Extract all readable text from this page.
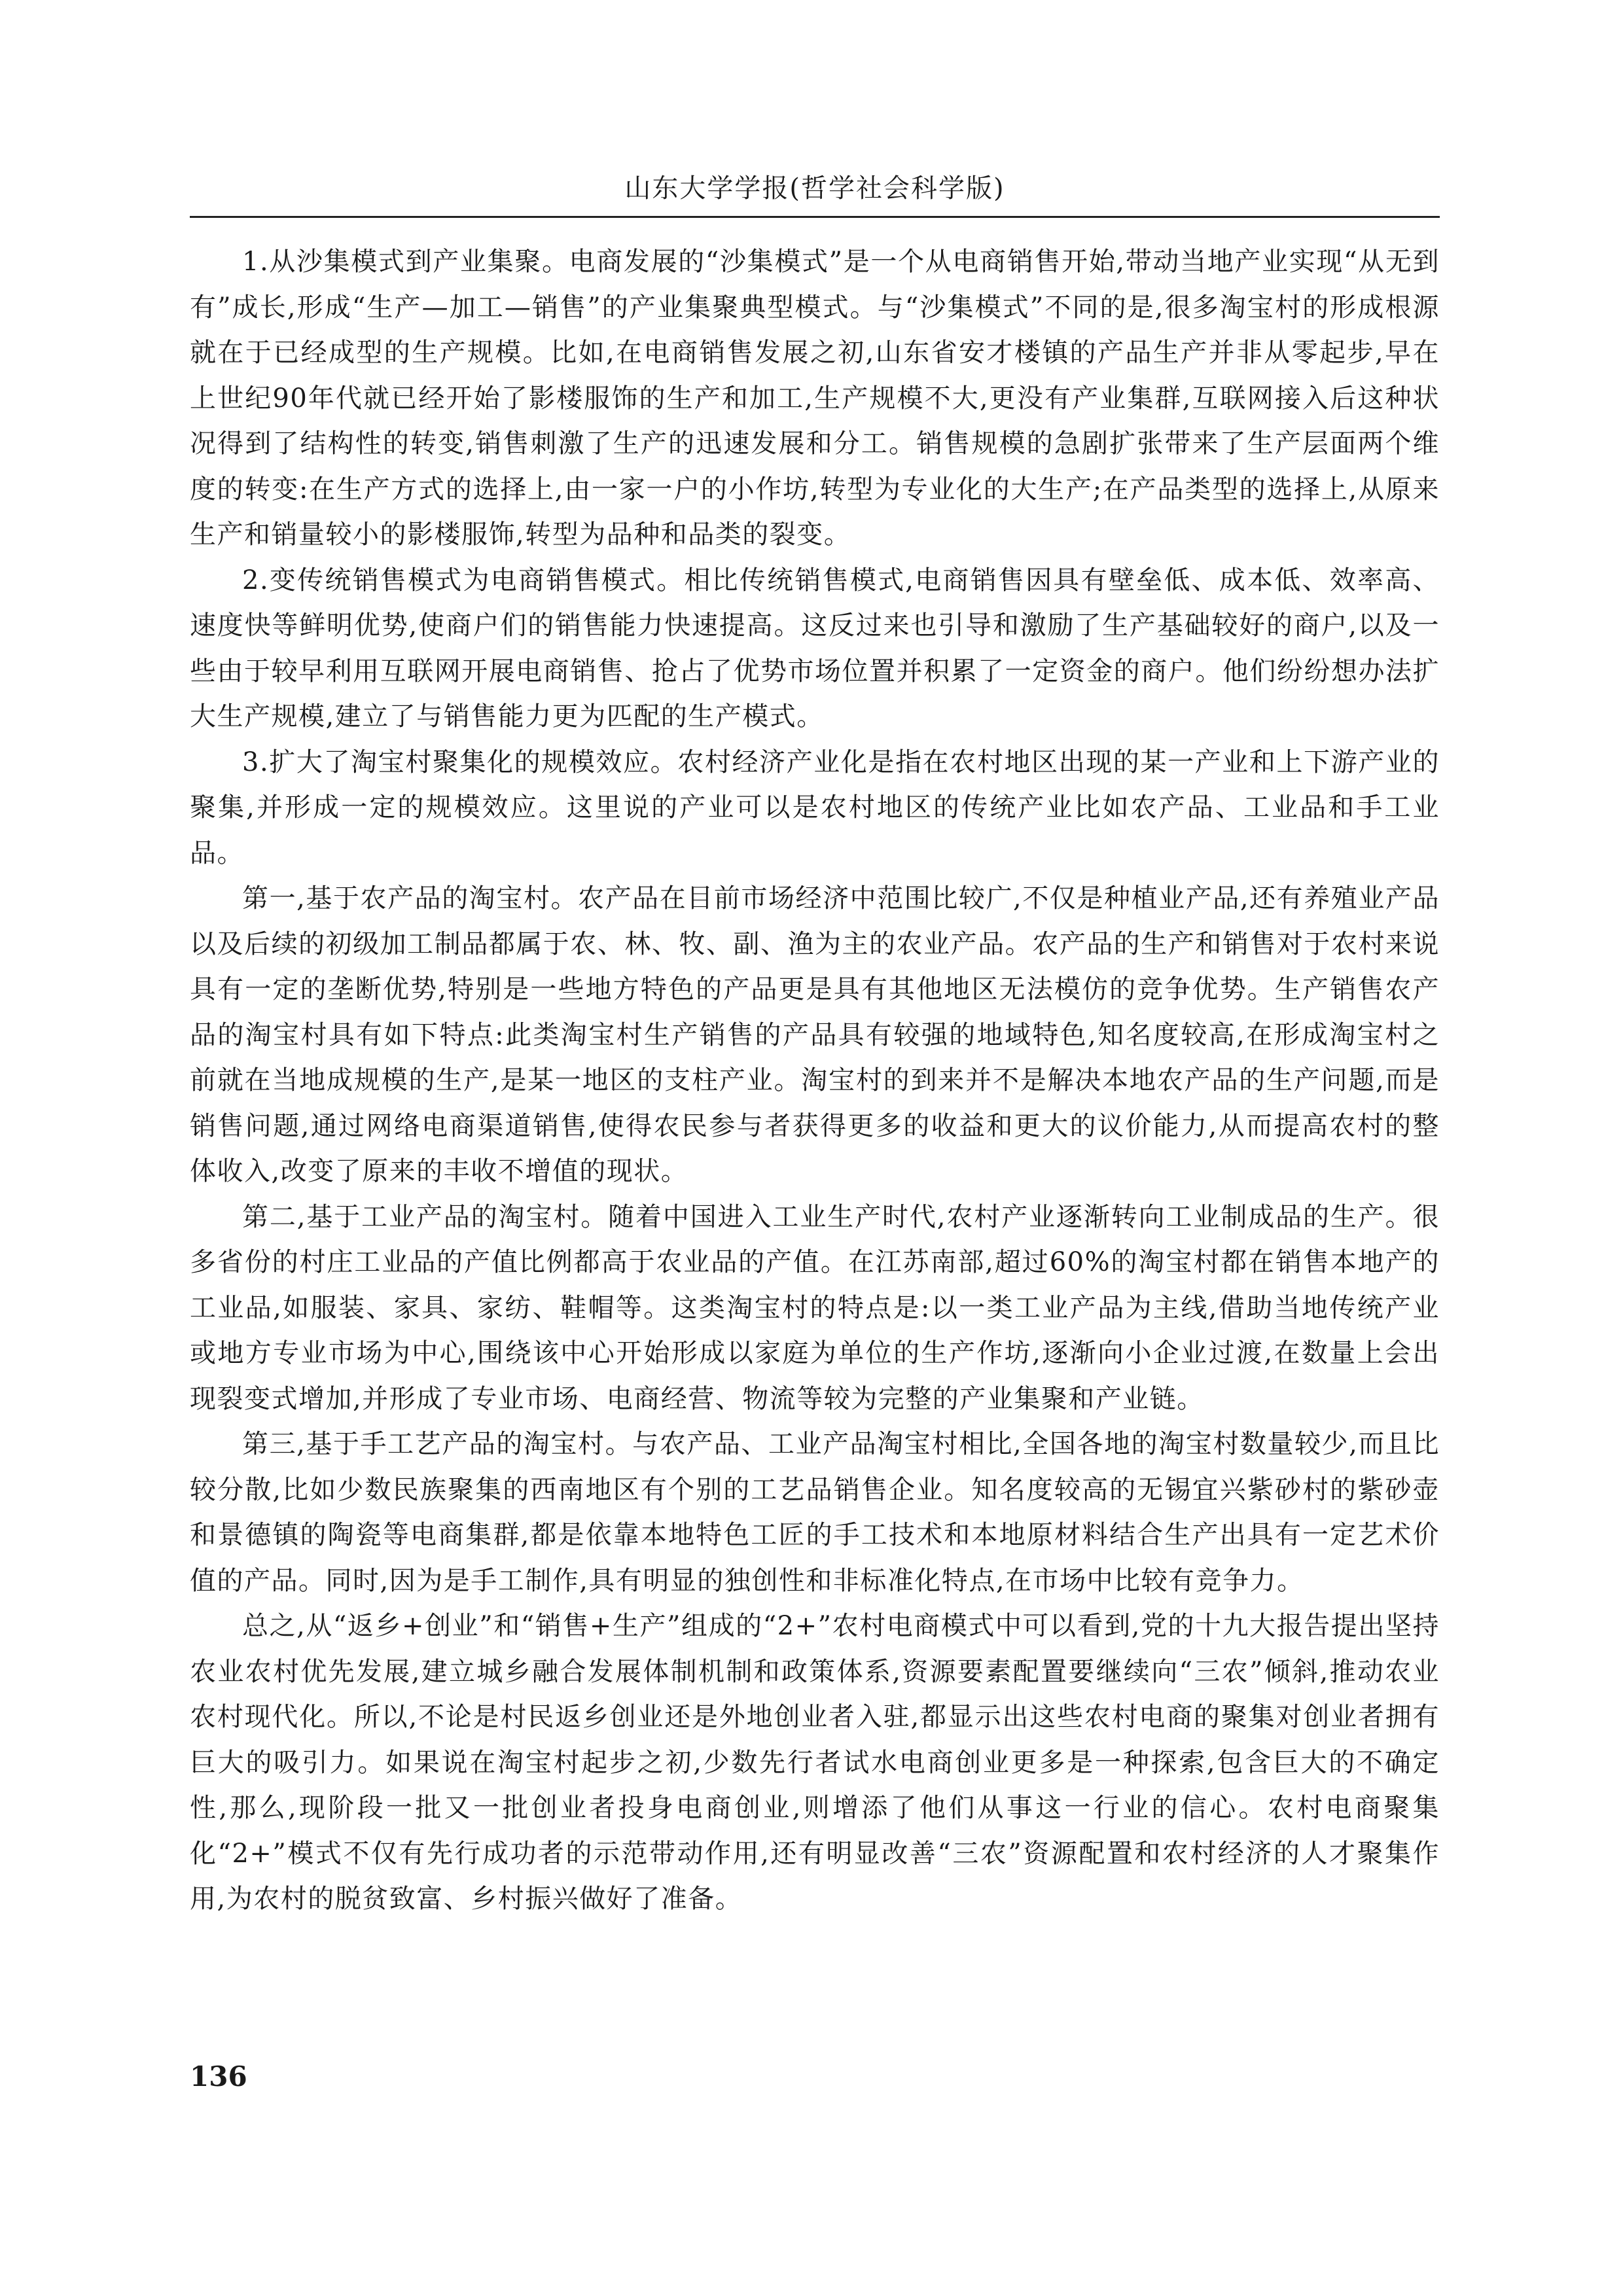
山东大学学报(哲学社会科学版)

1.从沙集模式到产业集聚。电商发展的“沙集模式”是一个从电商销售开始,带动当地产业实现“从无到有”成长,形成“生产—加工—销售”的产业集聚典型模式。与“沙集模式”不同的是,很多淘宝村的形成根源就在于已经成型的生产规模。比如,在电商销售发展之初,山东省安才楼镇的产品生产并非从零起步,早在上世纪90年代就已经开始了影楼服饰的生产和加工,生产规模不大,更没有产业集群,互联网接入后这种状况得到了结构性的转变,销售刺激了生产的迅速发展和分工。销售规模的急剧扩张带来了生产层面两个维度的转变:在生产方式的选择上,由一家一户的小作坊,转型为专业化的大生产;在产品类型的选择上,从原来生产和销量较小的影楼服饰,转型为品种和品类的裂变。

2.变传统销售模式为电商销售模式。相比传统销售模式,电商销售因具有壁垒低、成本低、效率高、速度快等鲜明优势,使商户们的销售能力快速提高。这反过来也引导和激励了生产基础较好的商户,以及一些由于较早利用互联网开展电商销售、抢占了优势市场位置并积累了一定资金的商户。他们纷纷想办法扩大生产规模,建立了与销售能力更为匹配的生产模式。

3.扩大了淘宝村聚集化的规模效应。农村经济产业化是指在农村地区出现的某一产业和上下游产业的聚集,并形成一定的规模效应。这里说的产业可以是农村地区的传统产业比如农产品、工业品和手工业品。

第一,基于农产品的淘宝村。农产品在目前市场经济中范围比较广,不仅是种植业产品,还有养殖业产品以及后续的初级加工制品都属于农、林、牧、副、渔为主的农业产品。农产品的生产和销售对于农村来说具有一定的垄断优势,特别是一些地方特色的产品更是具有其他地区无法模仿的竞争优势。生产销售农产品的淘宝村具有如下特点:此类淘宝村生产销售的产品具有较强的地域特色,知名度较高,在形成淘宝村之前就在当地成规模的生产,是某一地区的支柱产业。淘宝村的到来并不是解决本地农产品的生产问题,而是销售问题,通过网络电商渠道销售,使得农民参与者获得更多的收益和更大的议价能力,从而提高农村的整体收入,改变了原来的丰收不增值的现状。

第二,基于工业产品的淘宝村。随着中国进入工业生产时代,农村产业逐渐转向工业制成品的生产。很多省份的村庄工业品的产值比例都高于农业品的产值。在江苏南部,超过60%的淘宝村都在销售本地产的工业品,如服装、家具、家纺、鞋帽等。这类淘宝村的特点是:以一类工业产品为主线,借助当地传统产业或地方专业市场为中心,围绕该中心开始形成以家庭为单位的生产作坊,逐渐向小企业过渡,在数量上会出现裂变式增加,并形成了专业市场、电商经营、物流等较为完整的产业集聚和产业链。

第三,基于手工艺产品的淘宝村。与农产品、工业产品淘宝村相比,全国各地的淘宝村数量较少,而且比较分散,比如少数民族聚集的西南地区有个别的工艺品销售企业。知名度较高的无锡宜兴紫砂村的紫砂壶和景德镇的陶瓷等电商集群,都是依靠本地特色工匠的手工技术和本地原材料结合生产出具有一定艺术价值的产品。同时,因为是手工制作,具有明显的独创性和非标准化特点,在市场中比较有竞争力。

总之,从“返乡+创业”和“销售+生产”组成的“2+”农村电商模式中可以看到,党的十九大报告提出坚持农业农村优先发展,建立城乡融合发展体制机制和政策体系,资源要素配置要继续向“三农”倾斜,推动农业农村现代化。所以,不论是村民返乡创业还是外地创业者入驻,都显示出这些农村电商的聚集对创业者拥有巨大的吸引力。如果说在淘宝村起步之初,少数先行者试水电商创业更多是一种探索,包含巨大的不确定性,那么,现阶段一批又一批创业者投身电商创业,则增添了他们从事这一行业的信心。农村电商聚集化“2+”模式不仅有先行成功者的示范带动作用,还有明显改善“三农”资源配置和农村经济的人才聚集作用,为农村的脱贫致富、乡村振兴做好了准备。

136
